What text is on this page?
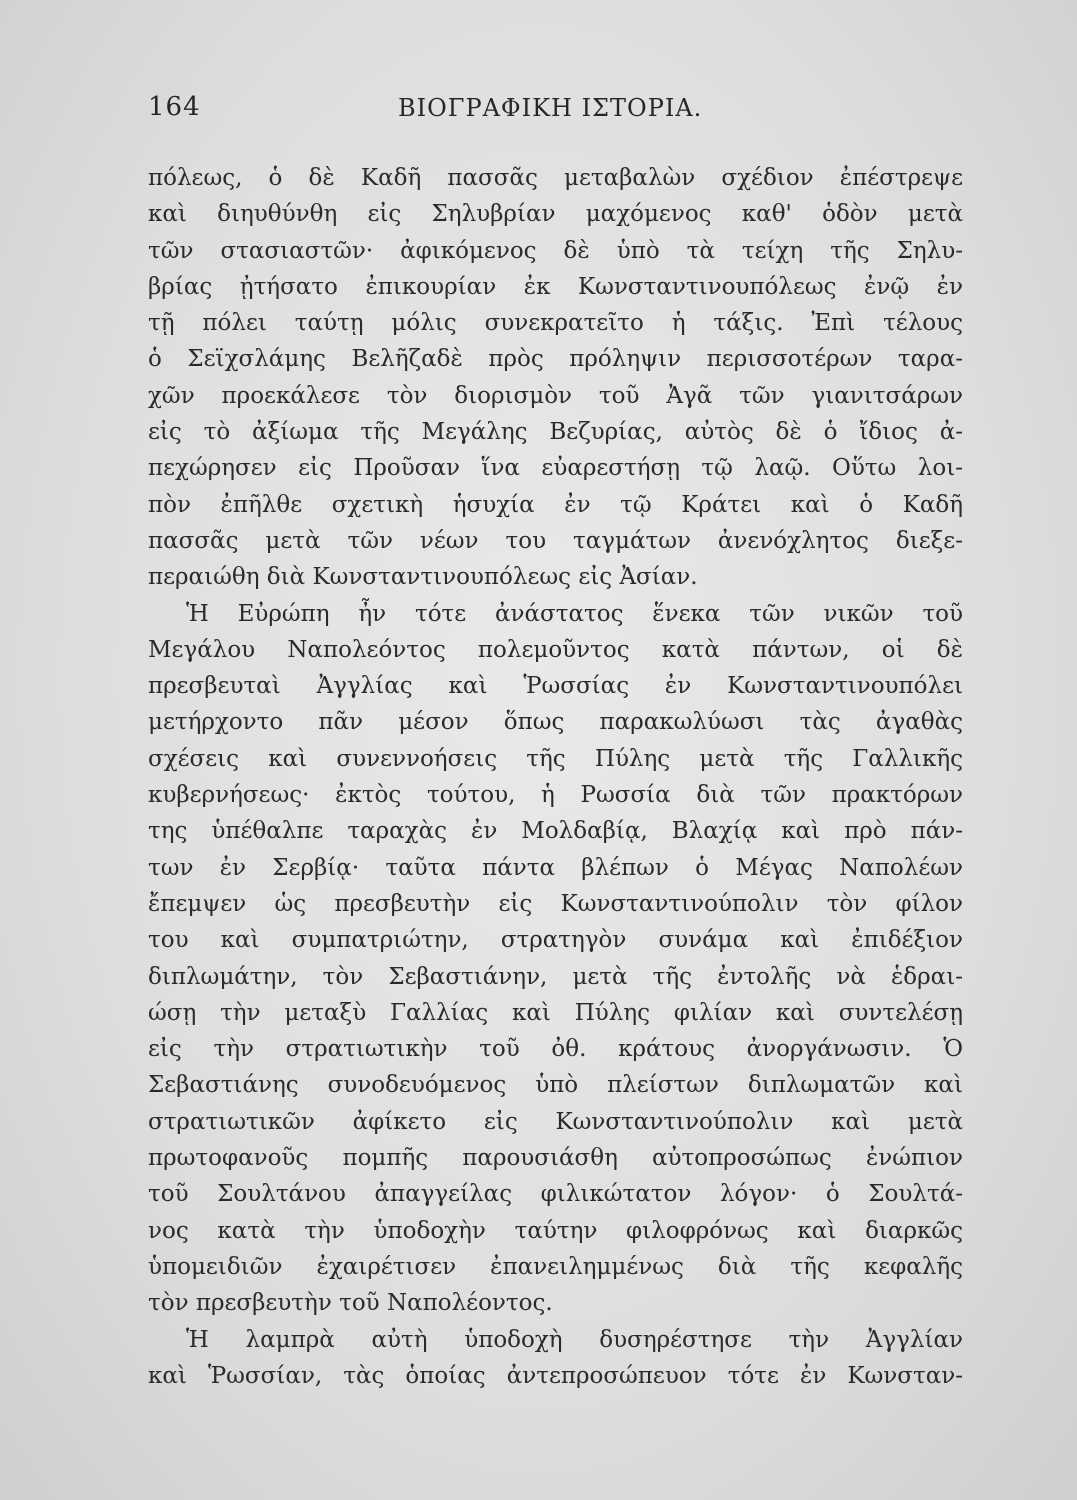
164	ΒΙΟΓΡΑΦΙΚΗ ΙΣΤΟΡΙΑ.
πόλεως, ὁ δὲ Καδῆ πασσᾶς μεταβαλὼν σχέδιον ἐπέστρεψε
καὶ διηυθύνθη εἰς Σηλυβρίαν μαχόμενος καθ' ὁδὸν μετὰ
τῶν στασιαστῶν· ἀφικόμενος δὲ ὑπὸ τὰ τείχη τῆς Σηλυ-
βρίας ᾐτήσατο ἐπικουρίαν ἐκ Κωνσταντινουπόλεως ἐνῷ ἐν
τῇ πόλει ταύτῃ μόλις συνεκρατεῖτο ἡ τάξις. Ἐπὶ τέλους
ὁ Σεϊχσλάμης Βελῆζαδὲ πρὸς πρόληψιν περισσοτέρων ταρα-
χῶν προεκάλεσε τὸν διορισμὸν τοῦ Ἀγᾶ τῶν γιανιτσάρων
εἰς τὸ ἀξίωμα τῆς Μεγάλης Βεζυρίας, αὐτὸς δὲ ὁ ἴδιος ἀ-
πεχώρησεν εἰς Προῦσαν ἵνα εὐαρεστήσῃ τῷ λαῷ. Οὕτω λοι-
πὸν ἐπῆλθε σχετικὴ ἡσυχία ἐν τῷ Κράτει καὶ ὁ Καδῆ
πασσᾶς μετὰ τῶν νέων του ταγμάτων ἀνενόχλητος διεξε-
περαιώθη διὰ Κωνσταντινουπόλεως εἰς Ἀσίαν.
Ἡ Εὐρώπη ἦν τότε ἀνάστατος ἕνεκα τῶν νικῶν τοῦ
Μεγάλου Ναπολεόντος πολεμοῦντος κατὰ πάντων, οἱ δὲ
πρεσβευταὶ Ἀγγλίας καὶ Ῥωσσίας ἐν Κωνσταντινουπόλει
μετήρχοντο πᾶν μέσον ὅπως παρακωλύωσι τὰς ἀγαθὰς
σχέσεις καὶ συνεννοήσεις τῆς Πύλης μετὰ τῆς Γαλλικῆς
κυβερνήσεως· ἐκτὸς τούτου, ἡ Ρωσσία διὰ τῶν πρακτόρων
της ὑπέθαλπε ταραχὰς ἐν Μολδαβίᾳ, Βλαχίᾳ καὶ πρὸ πάν-
των ἐν Σερβίᾳ· ταῦτα πάντα βλέπων ὁ Μέγας Ναπολέων
ἔπεμψεν ὡς πρεσβευτὴν εἰς Κωνσταντινούπολιν τὸν φίλον
του καὶ συμπατριώτην, στρατηγὸν συνάμα καὶ ἐπιδέξιον
διπλωμάτην, τὸν Σεβαστιάνην, μετὰ τῆς ἐντολῆς νὰ ἑδραι-
ώσῃ τὴν μεταξὺ Γαλλίας καὶ Πύλης φιλίαν καὶ συντελέσῃ
εἰς τὴν στρατιωτικὴν τοῦ ὀθ. κράτους ἀνοργάνωσιν. Ὁ
Σεβαστιάνης συνοδευόμενος ὑπὸ πλείστων διπλωματῶν καὶ
στρατιωτικῶν ἀφίκετο εἰς Κωνσταντινούπολιν καὶ μετὰ
πρωτοφανοῦς πομπῆς παρουσιάσθη αὐτοπροσώπως ἐνώπιον
τοῦ Σουλτάνου ἀπαγγείλας φιλικώτατον λόγον· ὁ Σουλτά-
νος κατὰ τὴν ὑποδοχὴν ταύτην φιλοφρόνως καὶ διαρκῶς
ὑπομειδιῶν ἐχαιρέτισεν ἐπανειλημμένως διὰ τῆς κεφαλῆς
τὸν πρεσβευτὴν τοῦ Ναπολέοντος.
Ἡ λαμπρὰ αὐτὴ ὑποδοχὴ δυσηρέστησε τὴν Ἀγγλίαν
καὶ Ῥωσσίαν, τὰς ὁποίας ἀντεπροσώπευον τότε ἐν Κωνσταν-
